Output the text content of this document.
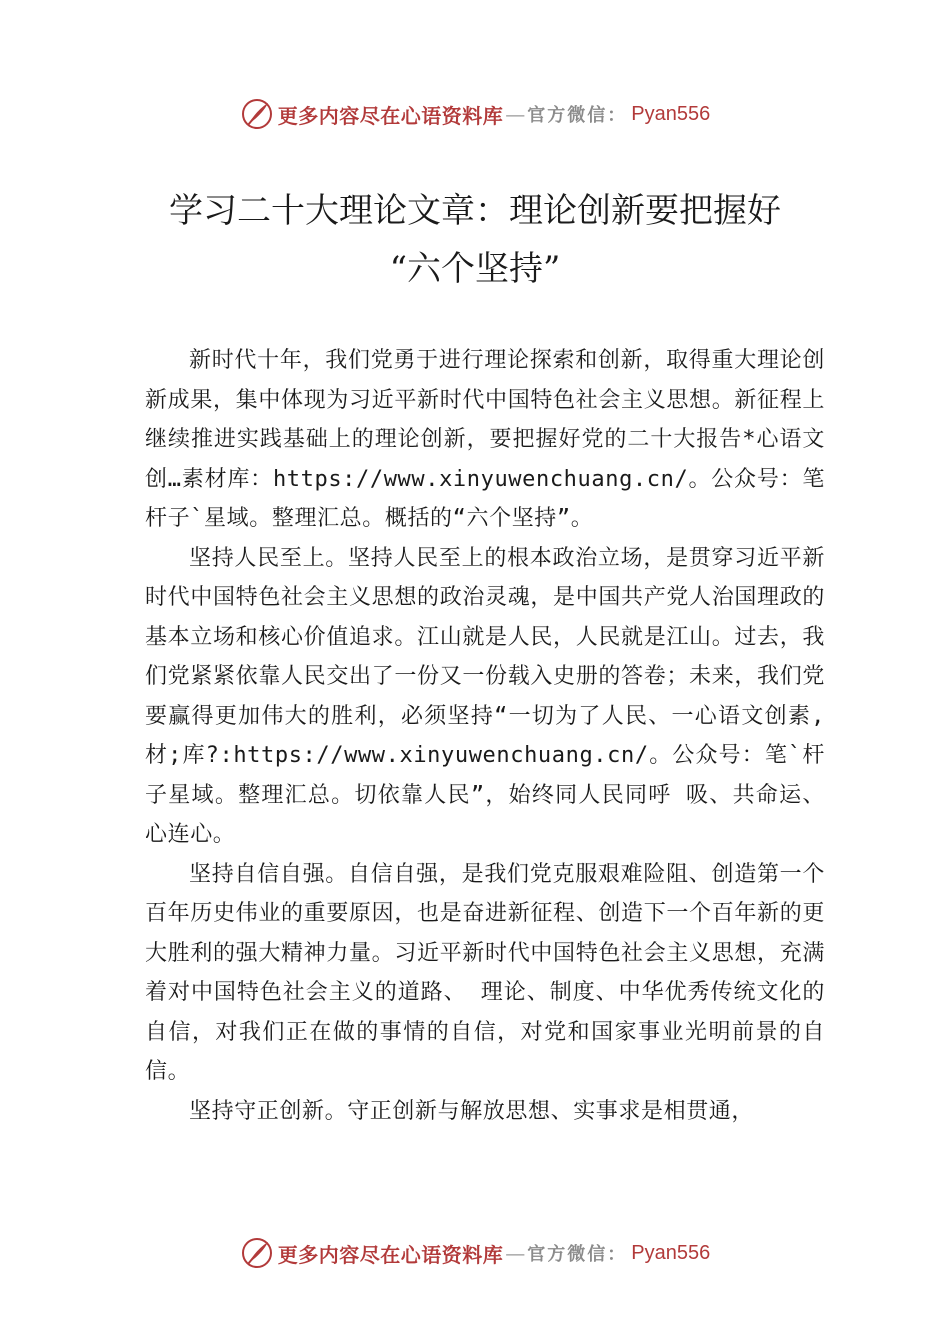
更多内容尽在心语资料库 — 官方微信： Pyan556
学习二十大理论文章：理论创新要把握好
“六个坚持”

新时代十年，我们党勇于进行理论探索和创新，取得重大理论创新成果，集中体现为习近平新时代中国特色社会主义思想。新征程上继续推进实践基础上的理论创新，要把握好党的二十大报告*心语文创…素材库：https://www.xinyuwenchuang.cn/。公众号：笔杆子`星域。整理汇总。概括的“六个坚持”。

坚持人民至上。坚持人民至上的根本政治立场，是贯穿习近平新时代中国特色社会主义思想的政治灵魂，是中国共产党人治国理政的基本立场和核心价值追求。江山就是人民，人民就是江山。过去，我们党紧紧依靠人民交出了一份又一份载入史册的答卷；未来，我们党要赢得更加伟大的胜利，必须坚持“一切为了人民、一心语文创素,材;库?:https://www.xinyuwenchuang.cn/。公众号：笔`杆子星域。整理汇总。切依靠人民”，始终同人民同呼 吸、共命运、心连心。

坚持自信自强。自信自强，是我们党克服艰难险阻、创造第一个百年历史伟业的重要原因，也是奋进新征程、创造下一个百年新的更大胜利的强大精神力量。习近平新时代中国特色社会主义思想，充满着对中国特色社会主义的道路、 理论、制度、中华优秀传统文化的自信，对我们正在做的事情的自信，对党和国家事业光明前景的自信。

坚持守正创新。守正创新与解放思想、实事求是相贯通，

更多内容尽在心语资料库 — 官方微信： Pyan556
